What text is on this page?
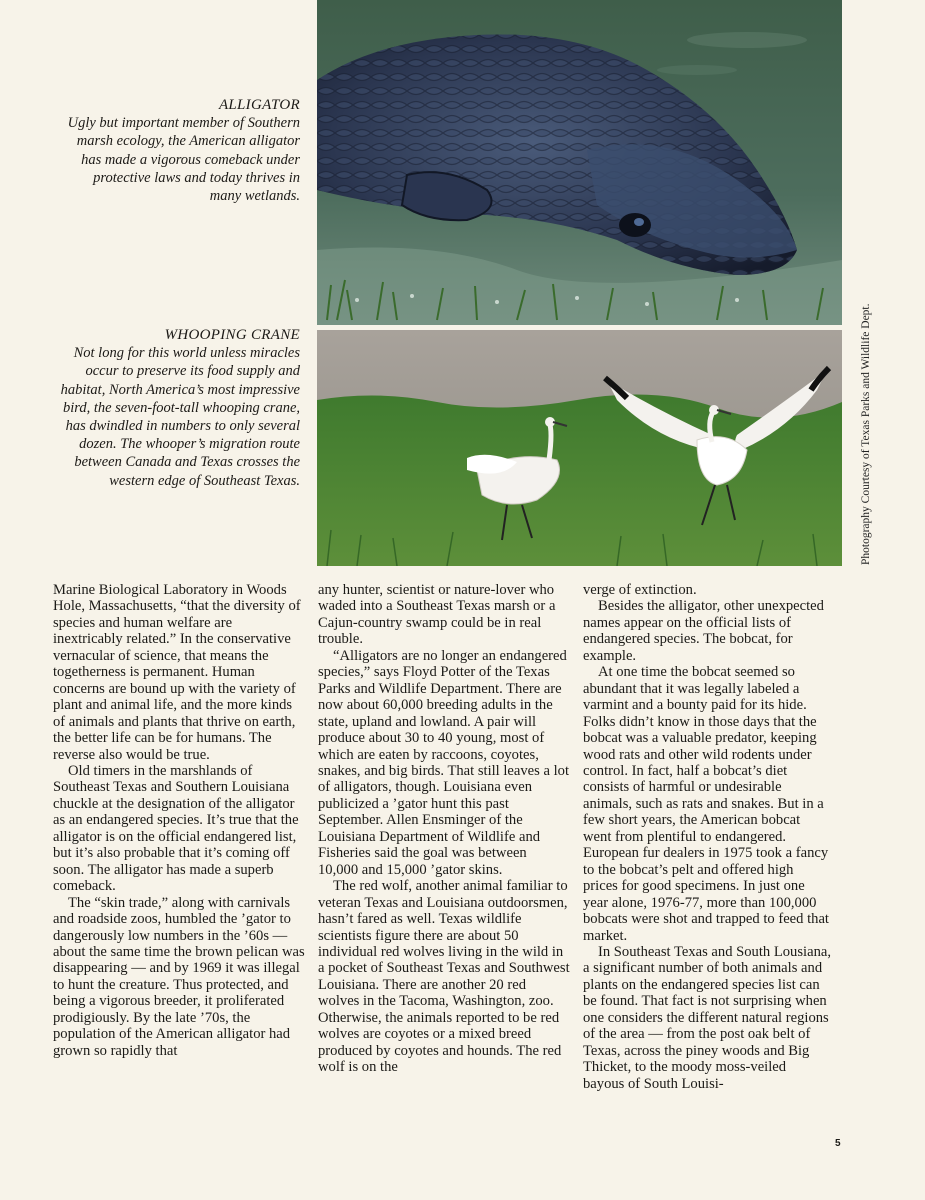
ALLIGATOR
Ugly but important member of Southern marsh ecology, the American alligator has made a vigorous comeback under protective laws and today thrives in many wetlands.
WHOOPING CRANE
Not long for this world unless miracles occur to preserve its food supply and habitat, North America’s most impressive bird, the seven-foot-tall whooping crane, has dwindled in numbers to only several dozen. The whooper’s migration route between Canada and Texas crosses the western edge of Southeast Texas.	Photography Courtesy of Texas Parks and Wildlife Dept.

Marine Biological Laboratory in Woods Hole, Massachusetts, “that the diversity of species and human welfare are inextricably related.” In the conservative vernacular of science, that means the togetherness is permanent. Human concerns are bound up with the variety of plant and animal life, and the more kinds of animals and plants that thrive on earth, the better life can be for humans. The reverse also would be true.

Old timers in the marshlands of Southeast Texas and Southern Louisiana chuckle at the designation of the alligator as an endangered species. It’s true that the alligator is on the official endangered list, but it’s also probable that it’s coming off soon. The alligator has made a superb comeback.

The “skin trade,” along with carnivals and roadside zoos, humbled the ’gator to dangerously low numbers in the ’60s — about the same time the brown pelican was disappearing — and by 1969 it was illegal to hunt the creature. Thus protected, and being a vigorous breeder, it proliferated prodigiously. By the late ’70s, the population of the American alligator had grown so rapidly that

any hunter, scientist or nature-lover who waded into a Southeast Texas marsh or a Cajun-country swamp could be in real trouble.

“Alligators are no longer an endangered species,” says Floyd Potter of the Texas Parks and Wildlife Department. There are now about 60,000 breeding adults in the state, upland and lowland. A pair will produce about 30 to 40 young, most of which are eaten by raccoons, coyotes, snakes, and big birds. That still leaves a lot of alligators, though. Louisiana even publicized a ’gator hunt this past September. Allen Ensminger of the Louisiana Department of Wildlife and Fisheries said the goal was between 10,000 and 15,000 ’gator skins.

The red wolf, another animal familiar to veteran Texas and Louisiana outdoorsmen, hasn’t fared as well. Texas wildlife scientists figure there are about 50 individual red wolves living in the wild in a pocket of Southeast Texas and Southwest Louisiana. There are another 20 red wolves in the Tacoma, Washington, zoo. Otherwise, the animals reported to be red wolves are coyotes or a mixed breed produced by coyotes and hounds. The red wolf is on the

verge of extinction.

Besides the alligator, other unexpected names appear on the official lists of endangered species. The bobcat, for example.

At one time the bobcat seemed so abundant that it was legally labeled a varmint and a bounty paid for its hide. Folks didn’t know in those days that the bobcat was a valuable predator, keeping wood rats and other wild rodents under control. In fact, half a bobcat’s diet consists of harmful or undesirable animals, such as rats and snakes. But in a few short years, the American bobcat went from plentiful to endangered. European fur dealers in 1975 took a fancy to the bobcat’s pelt and offered high prices for good specimens. In just one year alone, 1976-77, more than 100,000 bobcats were shot and trapped to feed that market.

In Southeast Texas and South Lousiana, a significant number of both animals and plants on the endangered species list can be found. That fact is not surprising when one considers the different natural regions of the area — from the post oak belt of Texas, across the piney woods and Big Thicket, to the moody moss-veiled bayous of South Louisi-

5
